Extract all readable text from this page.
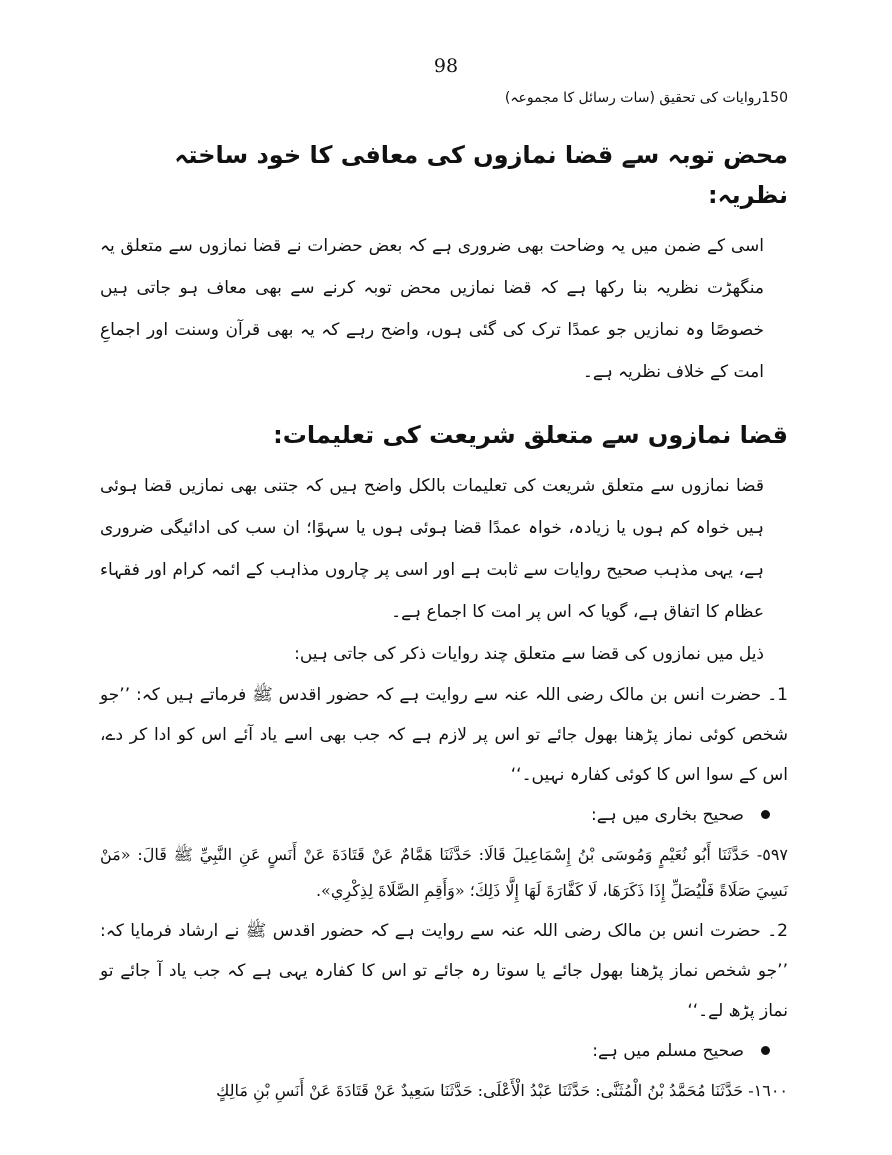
98
150روایات کی تحقیق (سات رسائل کا مجموعہ)
محض توبہ سے قضا نمازوں کی معافی کا خود ساختہ نظریہ:

اسی کے ضمن میں یہ وضاحت بھی ضروری ہے کہ بعض حضرات نے قضا نمازوں سے متعلق یہ منگھڑت نظریہ بنا رکھا ہے کہ قضا نمازیں محض توبہ کرنے سے بھی معاف ہو جاتی ہیں خصوصًا وہ نمازیں جو عمدًا ترک کی گئی ہوں، واضح رہے کہ یہ بھی قرآن وسنت اور اجماعِ امت کے خلاف نظریہ ہے۔

قضا نمازوں سے متعلق شریعت کی تعلیمات:

قضا نمازوں سے متعلق شریعت کی تعلیمات بالکل واضح ہیں کہ جتنی بھی نمازیں قضا ہوئی ہیں خواہ کم ہوں یا زیادہ، خواہ عمدًا قضا ہوئی ہوں یا سہوًا؛ ان سب کی ادائیگی ضروری ہے، یہی مذہب صحیح روایات سے ثابت ہے اور اسی پر چاروں مذاہب کے ائمہ کرام اور فقہاء عظام کا اتفاق ہے، گویا کہ اس پر امت کا اجماع ہے۔

ذیل میں نمازوں کی قضا سے متعلق چند روایات ذکر کی جاتی ہیں:

1۔ حضرت انس بن مالک رضی اللہ عنہ سے روایت ہے کہ حضور اقدس ﷺ فرماتے ہیں کہ: ’’جو شخص کوئی نماز پڑھنا بھول جائے تو اس پر لازم ہے کہ جب بھی اسے یاد آئے اس کو ادا کر دے، اس کے سوا اس کا کوئی کفارہ نہیں۔‘‘

صحیح بخاری میں ہے:

٥٩٧- حَدَّثَنَا أَبُو نُعَيْمٍ وَمُوسَى بْنُ إِسْمَاعِيلَ قَالَا: حَدَّثَنَا هَمَّامٌ عَنْ قَتَادَةَ عَنْ أَنَسٍ عَنِ النَّبِيِّ ﷺ قَالَ: «مَنْ نَسِيَ صَلَاةً فَلْيُصَلِّ إِذَا ذَكَرَهَا، لَا كَفَّارَةَ لَهَا إِلَّا ذَلِكَ؛ «وَأَقِمِ الصَّلَاةَ لِذِكْرِي».

2۔ حضرت انس بن مالک رضی اللہ عنہ سے روایت ہے کہ حضور اقدس ﷺ نے ارشاد فرمایا کہ: ’’جو شخص نماز پڑھنا بھول جائے یا سوتا رہ جائے تو اس کا کفارہ یہی ہے کہ جب یاد آ جائے تو نماز پڑھ لے۔‘‘

صحیح مسلم میں ہے:

١٦٠٠- حَدَّثَنَا مُحَمَّدُ بْنُ الْمُثَنَّى: حَدَّثَنَا عَبْدُ الْأَعْلَى: حَدَّثَنَا سَعِيدٌ عَنْ قَتَادَةَ عَنْ أَنَسِ بْنِ مَالِكٍ
